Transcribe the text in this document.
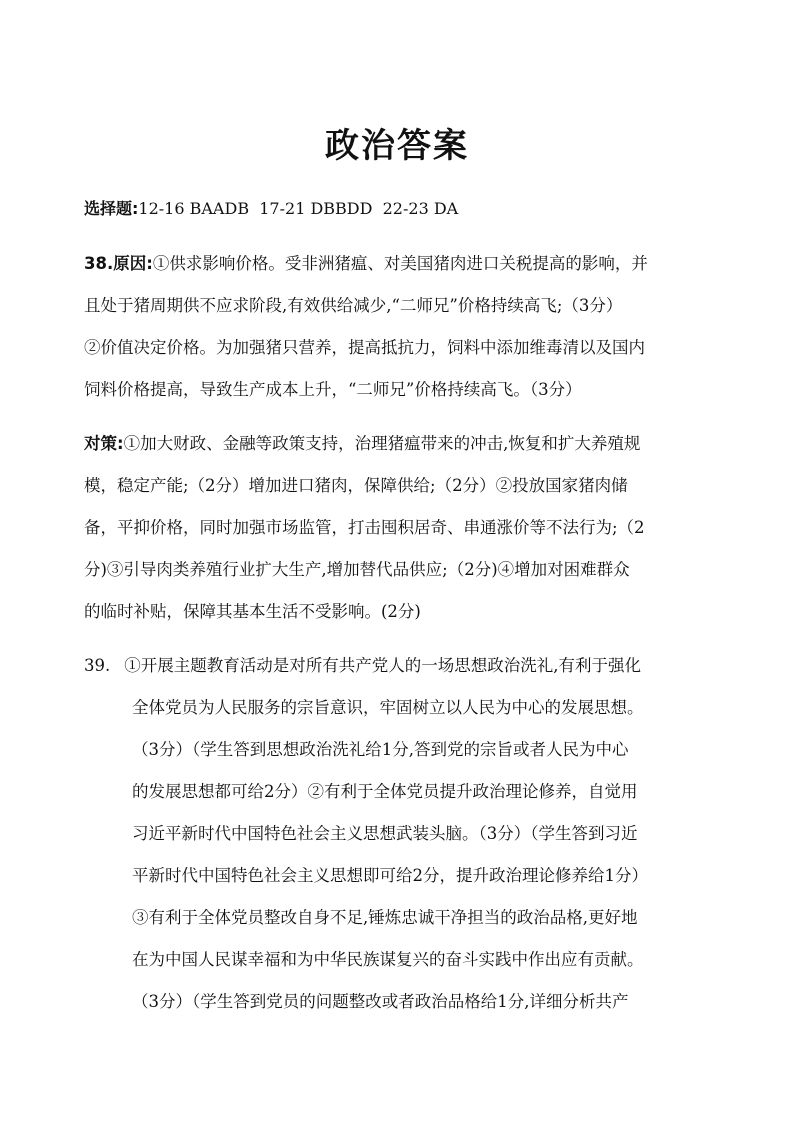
政治答案
选择题:12-16 BAADB  17-21 DBBDD  22-23 DA
38.原因:①供求影响价格。受非洲猪瘟、对美国猪肉进口关税提高的影响，并
且处于猪周期供不应求阶段,有效供给减少,“二师兄”价格持续高飞;（3分）
②价值决定价格。为加强猪只营养，提高抵抗力，饲料中添加维毒清以及国内
饲料价格提高，导致生产成本上升，“二师兄”价格持续高飞。（3分）
对策:①加大财政、金融等政策支持，治理猪瘟带来的冲击,恢复和扩大养殖规
模，稳定产能;（2分）增加进口猪肉，保障供给;（2分）②投放国家猪肉储
备，平抑价格，同时加强市场监管，打击囤积居奇、串通涨价等不法行为;（2
分)③引导肉类养殖行业扩大生产,增加替代品供应;（2分)④增加对困难群众
的临时补贴，保障其基本生活不受影响。(2分)
39. ①开展主题教育活动是对所有共产党人的一场思想政治洗礼,有利于强化
全体党员为人民服务的宗旨意识，牢固树立以人民为中心的发展思想。
（3分）（学生答到思想政治洗礼给1分,答到党的宗旨或者人民为中心
的发展思想都可给2分）②有利于全体党员提升政治理论修养，自觉用
习近平新时代中国特色社会主义思想武装头脑。（3分）（学生答到习近
平新时代中国特色社会主义思想即可给2分，提升政治理论修养给1分）
③有利于全体党员整改自身不足,锤炼忠诚干净担当的政治品格,更好地
在为中国人民谋幸福和为中华民族谋复兴的奋斗实践中作出应有贡献。
（3分）（学生答到党员的问题整改或者政治品格给1分,详细分析共产
